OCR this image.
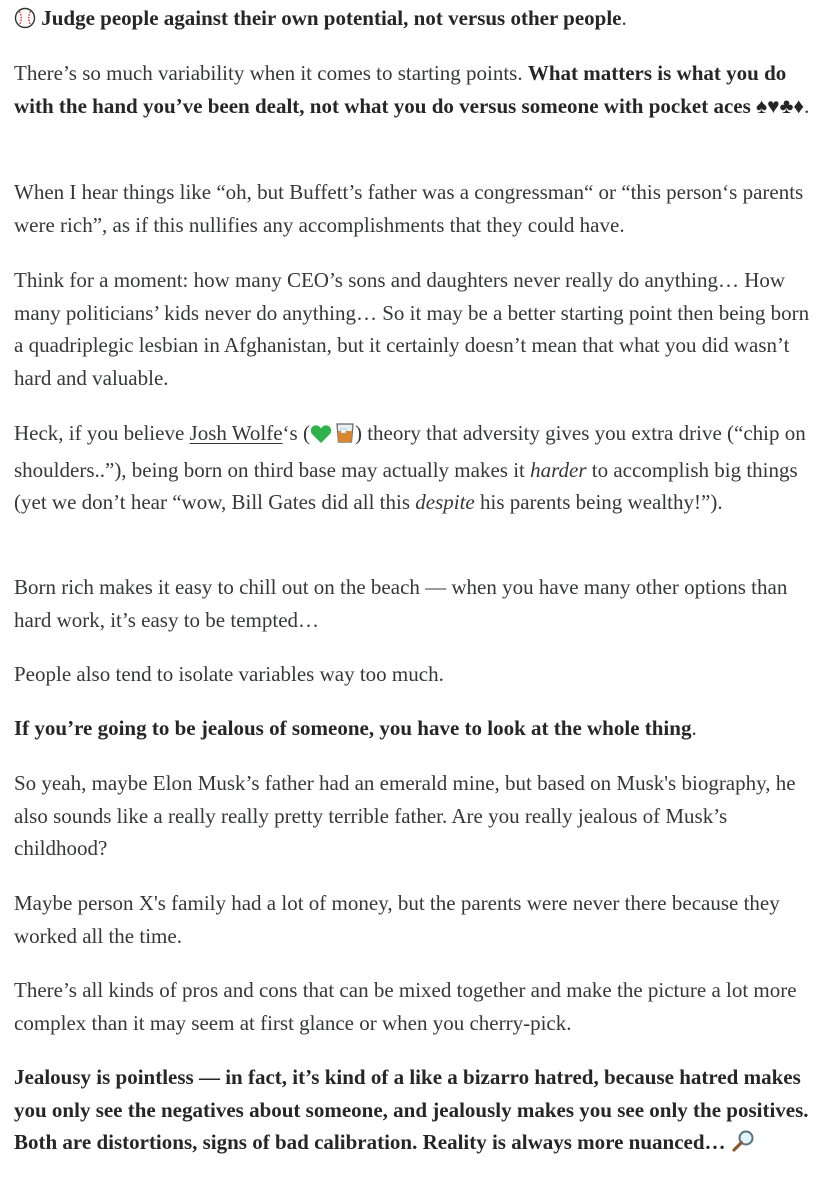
Judge people against their own potential, not versus other people.

There’s so much variability when it comes to starting points. What matters is what you do with the hand you’ve been dealt, not what you do versus someone with pocket aces ♠♥♣♦.

When I hear things like “oh, but Buffett’s father was a congressman“ or “this person‘s parents were rich”, as if this nullifies any accomplishments that they could have.

Think for a moment: how many CEO’s sons and daughters never really do anything… How many politicians’ kids never do anything… So it may be a better starting point then being born a quadriplegic lesbian in Afghanistan, but it certainly doesn’t mean that what you did wasn’t hard and valuable.

Heck, if you believe Josh Wolfe‘s ( ) theory that adversity gives you extra drive (“chip on shoulders..”), being born on third base may actually makes it harder to accomplish big things (yet we don’t hear “wow, Bill Gates did all this despite his parents being wealthy!”).

Born rich makes it easy to chill out on the beach — when you have many other options than hard work, it’s easy to be tempted…

People also tend to isolate variables way too much.

If you’re going to be jealous of someone, you have to look at the whole thing.

So yeah, maybe Elon Musk’s father had an emerald mine, but based on Musk's biography, he also sounds like a really really pretty terrible father. Are you really jealous of Musk’s childhood?

Maybe person X's family had a lot of money, but the parents were never there because they worked all the time.

There’s all kinds of pros and cons that can be mixed together and make the picture a lot more complex than it may seem at first glance or when you cherry-pick.

Jealousy is pointless — in fact, it’s kind of a like a bizarro hatred, because hatred makes you only see the negatives about someone, and jealously makes you see only the positives. Both are distortions, signs of bad calibration. Reality is always more nuanced…
